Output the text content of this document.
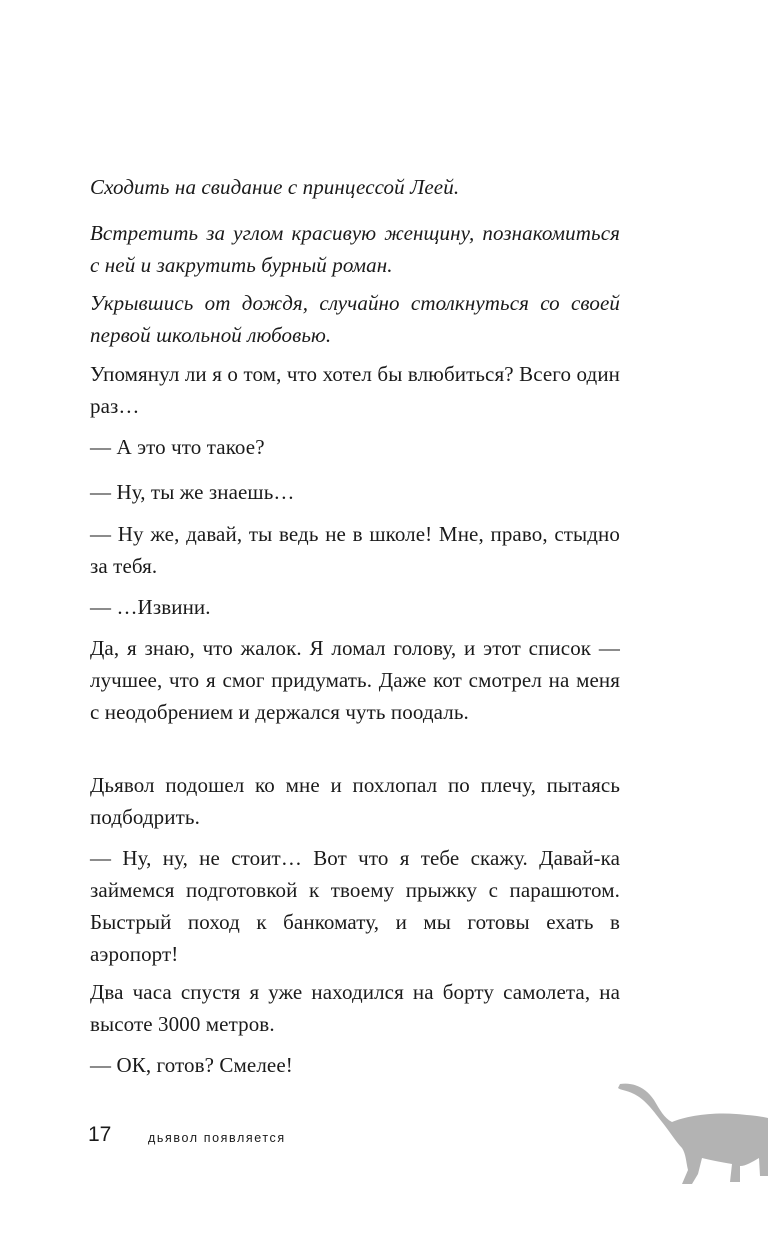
Сходить на свидание с принцессой Леей.

Встретить за углом красивую женщину, познакомиться с ней и закрутить бурный роман.

Укрывшись от дождя, случайно столкнуться со своей первой школьной любовью.

Упомянул ли я о том, что хотел бы влюбиться? Всего один раз…

— А это что такое?

— Ну, ты же знаешь…

— Ну же, давай, ты ведь не в школе! Мне, право, стыдно за тебя.

— …Извини.

Да, я знаю, что жалок. Я ломал голову, и этот список — лучшее, что я смог придумать. Даже кот смотрел на меня с неодобрением и держался чуть поодаль.

Дьявол подошел ко мне и похлопал по плечу, пытаясь подбодрить.

— Ну, ну, не стоит… Вот что я тебе скажу. Давай-ка займемся подготовкой к твоему прыжку с парашютом. Быстрый поход к банкомату, и мы готовы ехать в аэропорт!

Два часа спустя я уже находился на борту самолета, на высоте 3000 метров.

— ОК, готов? Смелее!

17	дьявол появляется
